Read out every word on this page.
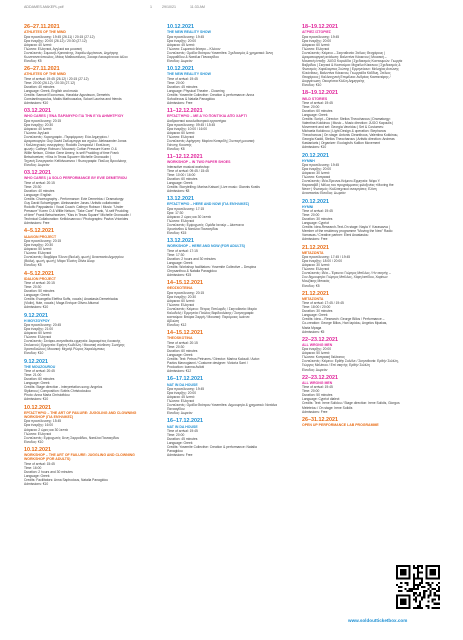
ADDAMES-MAKEPL.pdf	1	29/10/21	11:33 AM
26–27.11.2021
ATHLETES OF THE MIND
Ώρα προσέλευσης: 19:45 (26.11) / 20:15 (27.12)
Ώρα έναρξης: 20:00 (26.12) / 20:30 (27.12)
Διάρκεια: 40 λεπτά
Γλώσσα: Ελληνικά, Αγγλικά και μουσική
Συντελεστές: Σαμουήλ Κριτσιάνης, Χαράλυ Αμγίτσουν, Δημήτρης
Κωνσταντινόπουλος, Μάκις Μαθουσάλεος, Σοκαρι Λακουρίνα και άλλοι
Είσοδος: €5
26–27.11.2021
ATHLETES OF THE MIND
Time of arrival: 19:45 (26.12) / 20:15 (27.12)
Time: 20:00 (26.12) / 20:30 (27.12)
Duration: 40 minutes
Language: Greek, English and music
Credits: Samuel Economou, Haraldur Agustsson, Demetris
Constantinopoulos, Makis Mathousalos, Sokari Laurina and friends
Admissions: €10
03.12.2021
WHO CARES | ΈΝΑ ΠΑΡΆΘΥΡΟ ΓΙΑ ΤΗΝ ΕΎΑ ΔΗΜΗΤΡΊΟΥ
Ώρα προσέλευσης: 20:15
Ώρα έναρξης: 20:30
Διάρκεια: 40 λεπτά
Γλώσσα: Αγγλικά
Συντελεστές: Χορογραφία - Περφόρμανς: Εύα Δημητρίου /
Δραματουργία: Guy David Σκέλαμπργκ και σχολιο: Alekssander Jonas
/ Καλλιτεχνικός συνεργάτης: Rodolfo Σιντοριαλέ / Εκτέλεση
φωνής: Cathryn Robson / Μουσική: Cotton Pressure Koren O &
Willie Nelson, Clinton Gene Amery, Is self Prudding of time Frank
Betschweizer, «Kiss in Texas Square» Michelle Gronaudin |
Τεχνική Συνεργασία: Kellidvuanvoo / Φωτογραφία: Παύλος Βρουλάκης
Είσοδος: Δωρεάν
03.12.2021
WHO CARES | A SOLO PERFORMANCE BY EVIE DEMETRIOU
Time of arrival: 20:15
Time: 20:30
Duration: 40 minutes
Language: English
Credits: Choreography - Performance: Evie Demetriou / Dramaturgy:
Guy David Schwelgrgen. Alekssander Jonas / Artistic collaborator:
Rodolfo Pappalardo / Vocal Coach: Cathryn Robson / Music: "Under
Pressure" Koren O & Willie Nelson, "Take Care" Frank, "A self Prudding
of time" Frank Betschweizer, "Kiss in Texas Square" Michelle Gronaudin /
Technical Collaboration: Kellidvuanvoo / Photographs: Pavlos Vrionides
Admissions: Free
4–5.12.2021
ΙΔΑΛΙΟΝ PROJECT
Ώρα προσέλευσης: 20:15
Ώρα έναρξης: 20:30
Διάρκεια: 50 λεπτά
Γλώσσα: Ελληνικά
Συντελεστές: Βαρβάρα Έλενα (Βιολιά), φωνή | Άναστασία Δημητρίου
(Βιόλα), φωνή, φωνή | Μάρα Έλαίνη Olivia Αλαρ
Είσοδος: €5
4–5.12.2021
IDALION PROJECT
Time of arrival: 20:15
Time: 20:30
Duration: 50 minutes
Language: Greek
Credits: Evangelia Eleftha Suffs, vocals | Anastasia Demetriadou
(Violin), flute, vocals | Maga Enrique Oliveo Altumal
Admissions: €10
9.12.2021
Η ΜΟΥΖΟΥΡΟΥ
Ώρα προσέλευσης: 20:45
Ώρα έναρξης: 21:00
Διάρκεια: 60 λεπτά
Γλώσσα: Ελληνικά
Συντελεστές: Σενάριο-σκηνοθεσία-ερμηνεία: Ακροαμέτος Λουκικής
Στυλιανού | Ερμηνεία: Ειρήνη Κωδέλλη / Μουσική σύνθεση: Σωτήρης
Χριστοδούλου | Μουσική: Μιχαήλ Ρώρος Χαραλάμπους
Είσοδος: €10
9.12.2021
THE MOUZOUROU
Time of arrival: 20:45
Time: 21:00
Duration: 60 minutes
Language: Greek
Credits: Stage direction - interpretation-song: Angelos
Stylianou | Composition: Sotiris Christodoulou
Photo: Anna Maria Christofidou
Admissions: €10
10.12.2021
ΕΡΓΑΣΤΉΡΙΟ – THE ART OF FAILURE: JUGGLING AND CLOWNING WORKSHOP (ΓΙΑ ΕΝΉΛΙΚΕΣ)
Ώρα προσέλευσης: 15:45
Ώρα έναρξης: 16:00
Διάρκεια: 2 ώρες και 30 λεπτά
Γλώσσα: Ελληνικά
Συντελεστές: Εμψυχωτές: Άννη Σαρροθδου, Νατάλια Πανααγίδου
Είσοδος: €10
10.12.2021
WORKSHOP – THE ART OF FAILURE: JUGGLING AND CLOWNING WORKSHOP (FOR ADULTS)
Time of arrival: 15:45
Time: 16:00
Duration: 2 hours and 30 minutes
Language: Greek
Credits: Facilitators: Anna Saphodous, Natalia Panagidou
Admissions: €10
10.12.2021
THE NEW REALITY SHOW
Ώρα προσέλευσης: 19:45
Ώρα έναρξης: 20:00
Διάρκεια: 45 λεπτά
Γλώσσα: Σωματικό θέατρο – Κλόουν
Συντελεστές: Ομάδα Θεάτρου Yosemites: Σχεδιασμός & χρηματικό: Άννη
Σαρροθίδου & Νατάλια Πανααγίδου
Είσοδος: Δωρεάν
10.12.2021
THE NEW REALITY SHOW
Time of arrival: 19:45
Time: 20:00
Duration: 45 minutes
Language: Physical Theatre - Clowning
Credits: Yosemite Collective: Creation & performance: Anna
Sofoclieous & Natalia Panagidou
Admissions: Free
11–12.12.2021
ΕΡΓΑΣΤΉΡΙΟ – ΜΕ ΔΎΟ ΠΟΝΤΊΚΙΑ ΑΠΌ ΧΑΡΤΊ
Διαδραστικό κουκλοθεατρικό εργαστήριο
Ώρα προσέλευσης: 09:45 / 15:45
Ώρα έναρξης: 10:00 / 16:00
Διάρκεια: 60 λεπτά
Γλώσσα: Ελληνικά
Συντελεστές: Αφήγηση: Μαρίνα Κατεριδή | Συνταγή μουσική:
Γιάννης Κουστής
Είσοδος: €8
11–12.12.2021
WORKSHOP – IN TWO PAPER SHOES
Interactive musical workshop
Time of arrival: 09:45 / 15:45
Time: 10:00 / 16:00
Duration: 60 minutes
Language: Greek
Credits: Storytelling: Marina Katsari | Live music: Giannis Kostis
Admissions: €8
13.12.2021
ΕΡΓΑΣΤΉΡΙΟ – HERE AND NOW (ΓΙΑ ΕΝΉΛΙΚΕΣ)
Ώρα προσέλευσης: 17:15
Ώρα: 17:30
Διάρκεια: 2 ώρες και 30 λεπτά
Γλώσσα: Ελληνικά
Συντελεστές: Εμψυχωτές: Ομάδα Ιανούρ – Δέσποινα
Χρυσάνθου & Νατάλια Πανααγίδου
Είσοδος: €15
13.12.2021
WORKSHOP – HERE AND NOW (FOR ADULTS)
Time of arrival: 17:15
Time: 17:30
Duration: 2 hours and 30 minutes
Language: Greek
Credits: Workshop facilitators: Yosemite Collective – Despina
Chrysanthou & Natalia Panagidou
Admissions: €15
14–15.12.2021
ΘΕΟΣΚΟΤΕΙΝΑ
Ώρα προσέλευσης: 20:15
Ώρα έναρξης: 20:30
Διάρκεια: 60 λεπτά
Γλώσσα: Ελληνικά
Συντελεστές: Κείμενο: Πέτρος Πιπιλαρδς / Σκηνοθεσία: Μαρία
Καλοδελή / Ερμηνεία: Παύλος Βαρδουλάκης / Σκηνογραφία
κοστούμια: Βιτόρια Σαρρή / Μουσική: Παρόμοιος Ιωάννα
Αβλιώτη
Είσοδος: €12
14–15.12.2021
THEOSKOTINA
Time of arrival: 20:15
Time: 20:30
Duration: 60 minutes
Language: Greek
Credits: Text: Petros Petrunes / Director: Marina Kaloudi / Actor:
Pavlos Mavrogianni / Costume designer: Victoria Sarri /
Production: Ioanna Avlioti
Admissions: €12
16–17.12.2021
NAT IN DA HOUSE
Ώρα προσέλευσης: 19:45
Ώρα έναρξης: 20:00
Διάρκεια: 45 λεπτά
Γλώσσα: Ελληνικά
Συντελεστές: Ομάδα Θεάτρου Yosemites: Δημιουργία & χρηματικό: Νατάλια
Πανααγίδου
Είσοδος: Δωρεάν
16–17.12.2021
NAT IN DA HOUSE
Time of arrival: 19:45
Time: 20:00
Duration: 45 minutes
Language: Greek
Credits: Yosemite Collective: Creation & performance: Natalia
Panagidou
Admissions: Free
18–19.12.2021
ΑΓΡΙΕΣ ΙΣΤΟΡΙΕΣ
Ώρα προσέλευσης: 19:45
Ώρα έναρξης: 20:00
Διάρκεια: 60 λεπτά
Γλώσσα: Ελληνικά
Συντελεστές: Κείμενο – Σκηνοθεσία: Στέλιος Θεοχάρους |
Δραματουργική ανάλυση: Βαλεντίνα Κόκκινου | Μουσική –
Μουσική ένταξη: JUGO Κορολίδα | Σχεδιασμός Κοστουμιών: Γιωργία
Βαβρίδου | Σκηνικά & Κοστούμια: Μιχαέλα Κόκκινου | Σχεδιασμός &
Φωτισμός: Χαράλαμπος Σιώπης | Ερμηνεύουν: Μελαχίας Αντώνης
Κλεόνθους, Βαλεντίνα Κόκκινου, Γεωργιάδα Κάδδυη, Στέλιος
Θεοχάρους | Καλλιτεχνική Επιμέλεια: Ανδρέας Καστανιάρης /
Διοργάνωση: Οικογένεια Κόλλη Δημητρέης
Είσοδος: €10
18–19.12.2021
WILD STORIES
Time of arrival: 19:45
Time: 20:00
Duration: 60 minutes
Language: Greek
Credits: Script – Director: Stelios Theocharous | Dramaturgy:
Valentina Kokkinou | Music – Music direction: JUGO Kapoulis |
Movement and set: Georgia Vavridou | Set & Costumes:
Michaela Kokkinou | Light Design & operation: Stephanos
Theocharous | On stage: Antonis Cleanthous, Valentina Kokkinou,
Georgia Kaddi, Stelios Theocharous | Artistic direction: Andreas
Kastaniaris | Organizer: Ecologist's Kallion Movement
Admissions: €10
20.12.2021
ΗΥΜΝΗ
Ώρα προσέλευσης: 19:45
Ώρα έναρξης: 20:00
Διάρκεια: 30 λεπτά
Γλώσσα: Κυπριακά
Συντελεστές: Ιδέα-Έρευνα-Κείμενο-Ερμηνεία: Νέφυ Υ.
Καρασαβίδ | Μέλος του προγράμματος φιλοξενίας «Moving the
New» | Φωτισμός: Καλλιτεχνικοί συνεργάτες: Ελίση
Αναστασίου Είσοδος: Δωρεάν
20.12.2021
HYMNI
Time of arrival: 19:45
Time: 20:00
Duration: 30 minutes
Language: Cypriot
Credits: Idea-Research-Text-On stage: Nayia Y. Karasavva |
Member of the residency programme "Moving the New" Radio
Varnavas / Creative partner: Eleni Anastasiou
Admissions: Free
21.12.2021
ΜΕΤΑΖΩΝΤΑ
Ώρα προσέλευσης: 17:45 / 19:45
Ώρα έναρξης: 18:00 / 20:00
Διάρκεια: 30 λεπτά
Γλώσσα: Ελληνικά
Συντελεστές: Ιδέα – Έρευνα: Γιώργος Μπίλλος / Ην σκηνής –
Συν-δημιουργία: Γιώργος Μπίλλος, Χάρη Ιαπίδου, Χαρίτων
Μουζάκης Μπακάς
Είσοδος: €5
21.12.2021
METAZONTA
Time of arrival: 17:45 / 19:45
Time: 18:00 / 20:00
Duration: 30 minutes
Language: Greek
Credits: Idea – Research: George Billos / Performance –
Co-creation: George Billos, Hari Iapidou, Angelos Mpakas,
Maria Mpaga
Admissions: €5
22–23.12.2021
ALL WRONG MEN
Ώρα έναρξης: 20:00
Διάρκεια: 50 λεπτά
Γλώσσα: Κυπριακή διάλεκτος
Συντελεστές: Κείμενο: Ερθήν Σολέλιτ / Σκηνοθεσία: Ερθήν Σολέλη,
Γιώργος Μελέτιου / Επί σκηνής: Ερθήν Σολέλη
Είσοδος: Δωρεάν
22–23.12.2021
ALL WRONG MEN
Time of arrival: 19:45
Time: 20:00
Duration: 50 minutes
Language: Cypriot dialect
Credits: Text: Irene Solidou / Stage direction: Irene Solidis, Giorgos
Meleteiou / On stage: Irene Solidis
Admissions: Free
26–31.12.2021
OPEN UP PERFORMANCE LAB PROGRAMME
www.soldoutticketbox.com
